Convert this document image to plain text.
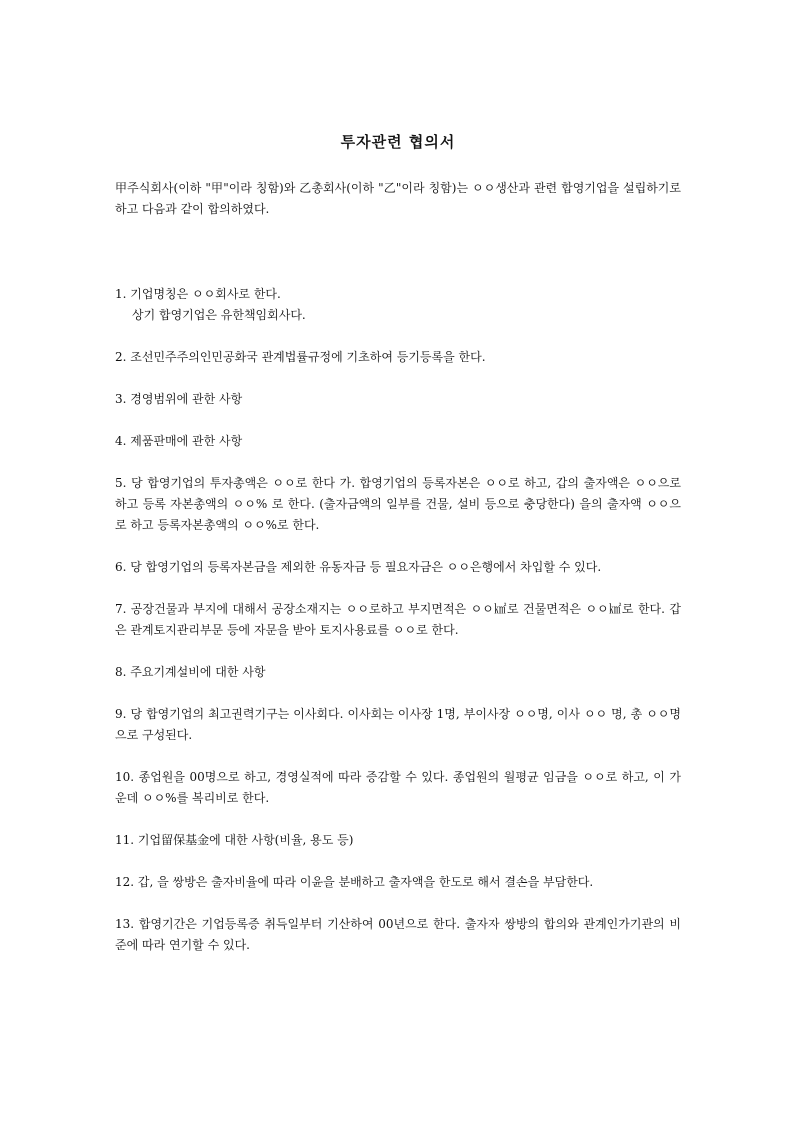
투자관련 협의서

甲주식회사(이하 "甲"이라 칭함)와 乙총회사(이하 "乙"이라 칭함)는 ㅇㅇ생산과 관련 합영기업을 설립하기로 하고 다음과 같이 합의하였다.

1. 기업명칭은 ㅇㅇ회사로 한다.
상기 합영기업은 유한책임회사다.
2. 조선민주주의인민공화국 관계법률규정에 기초하여 등기등록을 한다.
3. 경영범위에 관한 사항
4. 제품판매에 관한 사항
5. 당 합영기업의 투자총액은 ㅇㅇ로 한다 가. 합영기업의 등록자본은 ㅇㅇ로 하고, 갑의 출자액은 ㅇㅇ으로 하고 등록 자본총액의 ㅇㅇ% 로 한다. (출자금액의 일부를 건물, 설비 등으로 충당한다) 을의 출자액 ㅇㅇ으로 하고 등록자본총액의 ㅇㅇ%로 한다.
6. 당 합영기업의 등록자본금을 제외한 유동자금 등 필요자금은 ㅇㅇ은행에서 차입할 수 있다.
7. 공장건물과 부지에 대해서 공장소재지는 ㅇㅇ로하고 부지면적은 ㅇㅇ㎢로 건물면적은 ㅇㅇ㎢로 한다. 갑은 관계토지관리부문 등에 자문을 받아 토지사용료를 ㅇㅇ로 한다.
8. 주요기계설비에 대한 사항
9. 당 합영기업의 최고권력기구는 이사회다. 이사회는 이사장 1명, 부이사장 ㅇㅇ명, 이사 ㅇㅇ 명, 총 ㅇㅇ명으로 구성된다.
10. 종업원을 00명으로 하고, 경영실적에 따라 증감할 수 있다. 종업원의 월평균 임금을 ㅇㅇ로 하고, 이 가운데 ㅇㅇ%를 복리비로 한다.
11. 기업留保基金에 대한 사항(비율, 용도 등)
12. 갑, 을 쌍방은 출자비율에 따라 이윤을 분배하고 출자액을 한도로 해서 결손을 부담한다.
13. 합영기간은 기업등록증 취득일부터 기산하여 00년으로 한다. 출자자 쌍방의 합의와 관계인가기관의 비준에 따라 연기할 수 있다.
